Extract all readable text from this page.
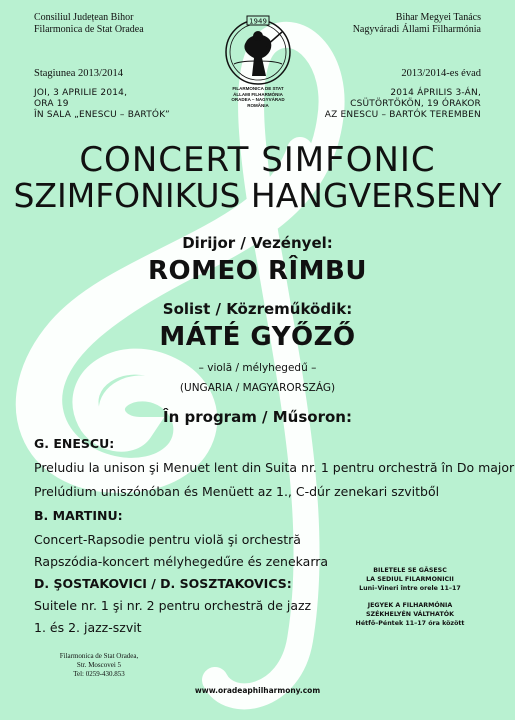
Consiliul Județean Bihor
Filarmonica de Stat Oradea
Bihar Megyei Tanács
Nagyváradi Állami Filharmónia
Stagiunea 2013/2014	2013/2014-es évad
JOI, 3 APRILIE 2014,
ORA 19
ÎN SALA „ENESCU – BARTÓK”
2014 ÁPRILIS 3-ÁN,
CSÜTÖRTÖKÖN, 19 ÓRAKOR
AZ ENESCU – BARTÓK TEREMBEN
1949
FILARMONICA DE STAT
ÁLLAMI FILHARMÓNIA
ORADEA – NAGYVÁRAD
ROMÂNIA
CONCERT SIMFONIC
SZIMFONIKUS HANGVERSENY
Dirijor / Vezényel:
ROMEO RÎMBU
Solist / Közreműködik:
MÁTÉ GYŐZŐ
– violă / mélyhegedű –
(UNGARIA / MAGYARORSZÁG)
În program / Műsoron:
G. ENESCU:
Preludiu la unison şi Menuet lent din Suita nr. 1 pentru orchestră în Do major
Prelúdium uniszónóban és Menüett az 1., C-dúr zenekari szvitből
B. MARTINU:
Concert-Rapsodie pentru violă şi orchestră
Rapszódia-koncert mélyhegedűre és zenekarra
D. ŞOSTAKOVICI / D. SOSZTAKOVICS:
Suitele nr. 1 şi nr. 2 pentru orchestră de jazz
1. és 2. jazz-szvit
BILETELE SE GĂSESC
LA SEDIUL FILARMONICII
Luni–Vineri între orele 11–17
JEGYEK A FILHARMÓNIA
SZÉKHELYÉN VÁLTHATÓK
Hétfő–Péntek 11–17 óra között
Filarmonica de Stat Oradea,
Str. Moscovei 5
Tel: 0259-430.853
www.oradeaphilharmony.com
